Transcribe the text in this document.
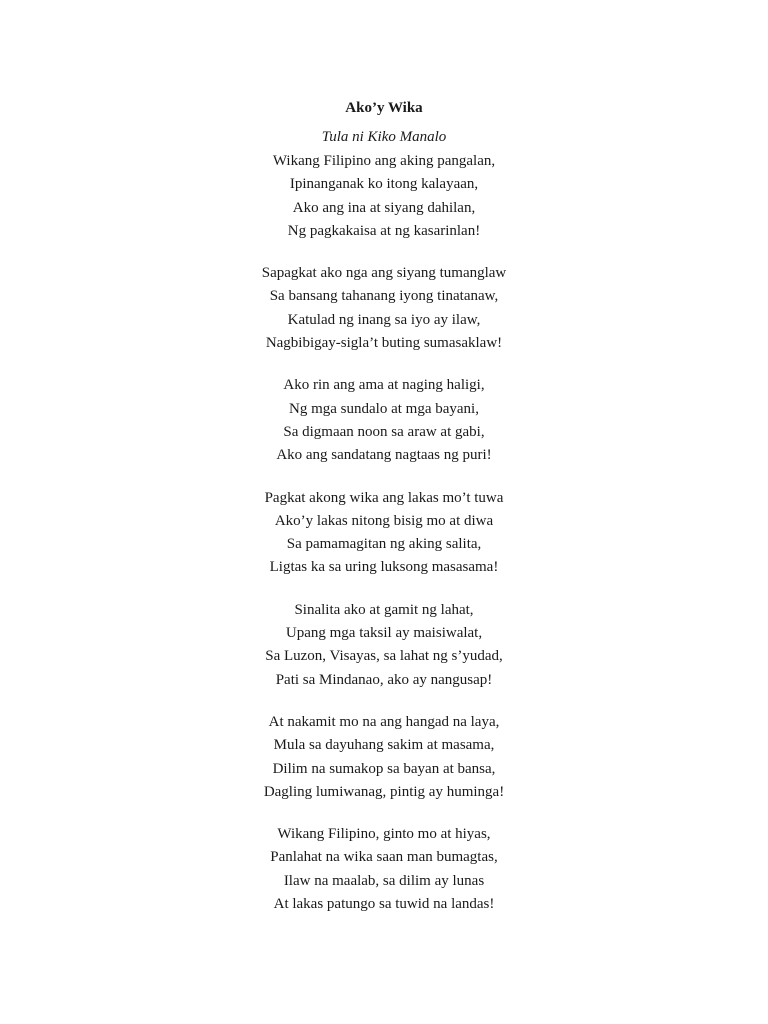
Ako’y Wika
Tula ni Kiko Manalo
Wikang Filipino ang aking pangalan,
Ipinanganak ko itong kalayaan,
Ako ang ina at siyang dahilan,
Ng pagkakaisa at ng kasarinlan!
Sapagkat ako nga ang siyang tumanglaw
Sa bansang tahanang iyong tinatanaw,
Katulad ng inang sa iyo ay ilaw,
Nagbibigay-sigla’t buting sumasaklaw!
Ako rin ang ama at naging haligi,
Ng mga sundalo at mga bayani,
Sa digmaan noon sa araw at gabi,
Ako ang sandatang nagtaas ng puri!
Pagkat akong wika ang lakas mo’t tuwa
Ako’y lakas nitong bisig mo at diwa
Sa pamamagitan ng aking salita,
Ligtas ka sa uring luksong masasama!
Sinalita ako at gamit ng lahat,
Upang mga taksil ay maisiwalat,
Sa Luzon, Visayas, sa lahat ng s’yudad,
Pati sa Mindanao, ako ay nangusap!
At nakamit mo na ang hangad na laya,
Mula sa dayuhang sakim at masama,
Dilim na sumakop sa bayan at bansa,
Dagling lumiwanag, pintig ay huminga!
Wikang Filipino, ginto mo at hiyas,
Panlahat na wika saan man bumagtas,
Ilaw na maalab, sa dilim ay lunas
At lakas patungo sa tuwid na landas!
